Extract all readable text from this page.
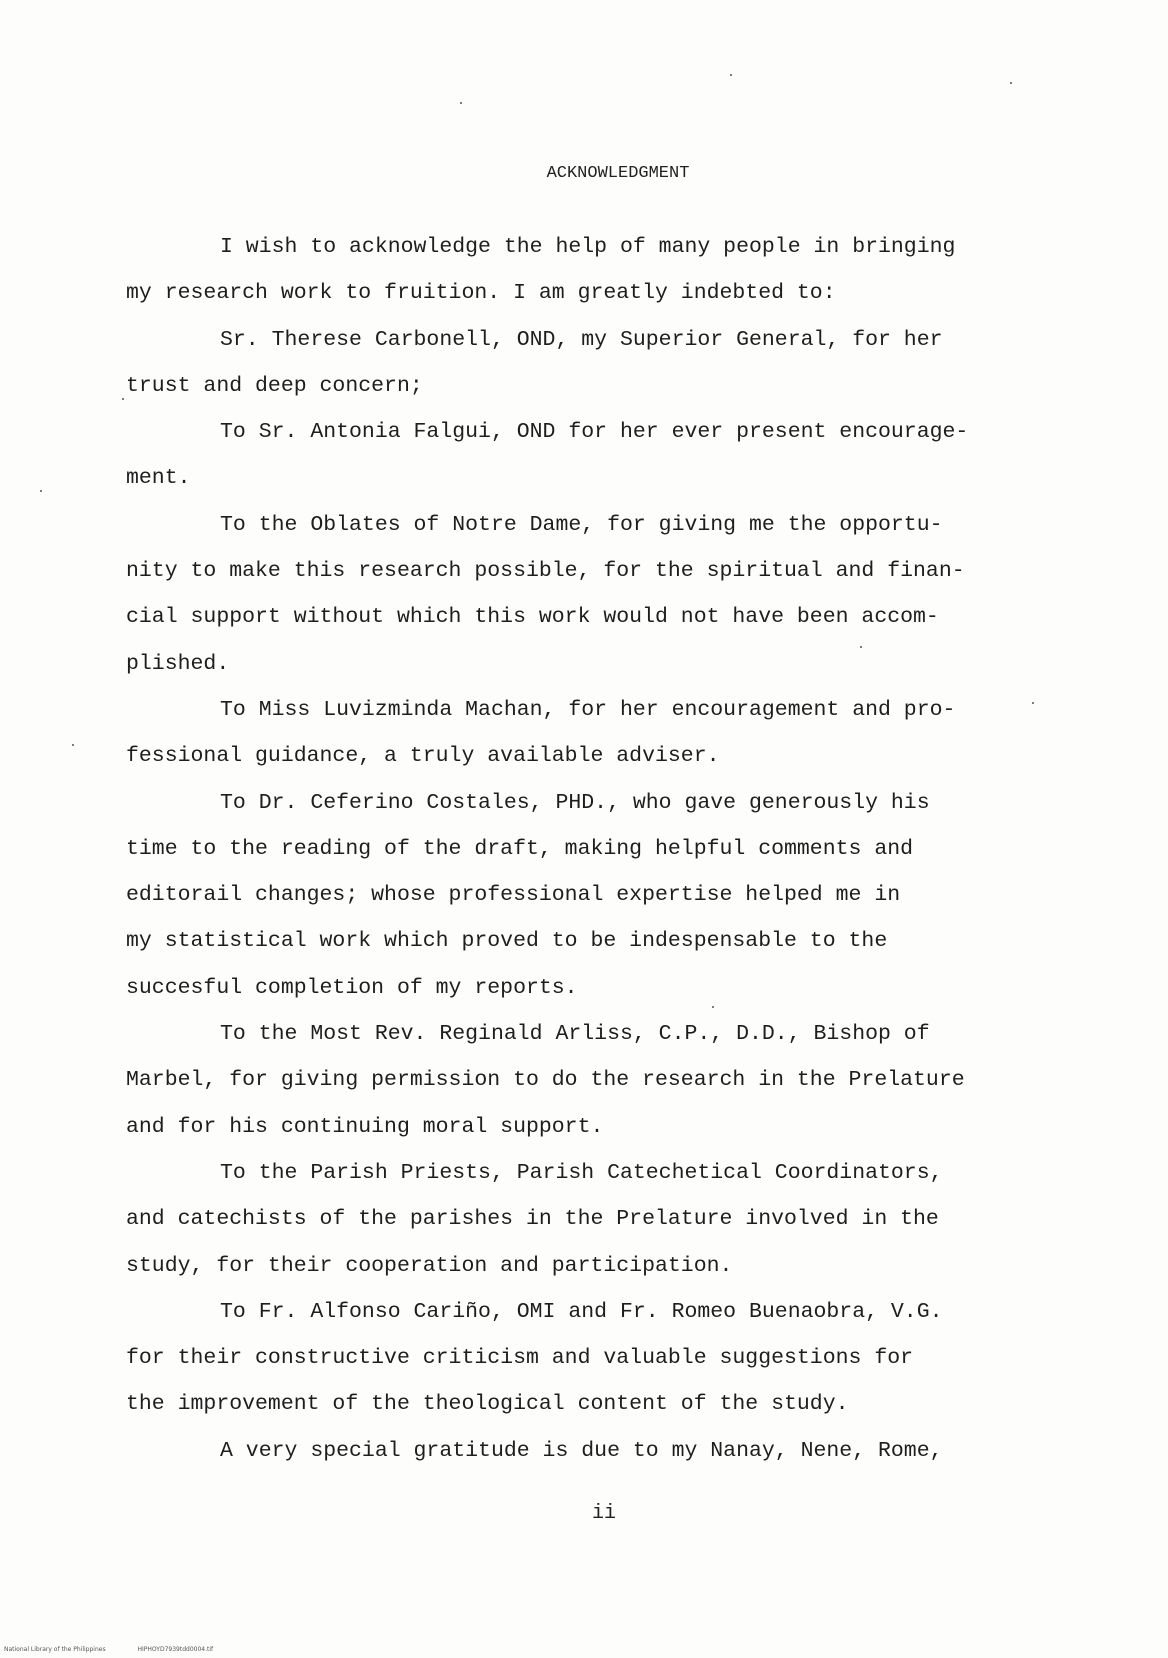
ACKNOWLEDGMENT

I wish to acknowledge the help of many people in bringing
my research work to fruition. I am greatly indebted to:

Sr. Therese Carbonell, OND, my Superior General, for her
trust and deep concern;

To Sr. Antonia Falgui, OND for her ever present encourage-
ment.

To the Oblates of Notre Dame, for giving me the opportu-
nity to make this research possible, for the spiritual and finan-
cial support without which this work would not have been accom-
plished.

To Miss Luvizminda Machan, for her encouragement and pro-
fessional guidance, a truly available adviser.

To Dr. Ceferino Costales, PHD., who gave generously his
time to the reading of the draft, making helpful comments and
editorail changes; whose professional expertise helped me in
my statistical work which proved to be indespensable to the
succesful completion of my reports.

To the Most Rev. Reginald Arliss, C.P., D.D., Bishop of
Marbel, for giving permission to do the research in the Prelature
and for his continuing moral support.

To the Parish Priests, Parish Catechetical Coordinators,
and catechists of the parishes in the Prelature involved in the
study, for their cooperation and participation.

To Fr. Alfonso Cariño, OMI and Fr. Romeo Buenaobra, V.G.
for their constructive criticism and valuable suggestions for
the improvement of the theological content of the study.

A very special gratitude is due to my Nanay, Nene, Rome,

ii
National Library of the Philippines	HIPHOYD7939tdd0004.tif
